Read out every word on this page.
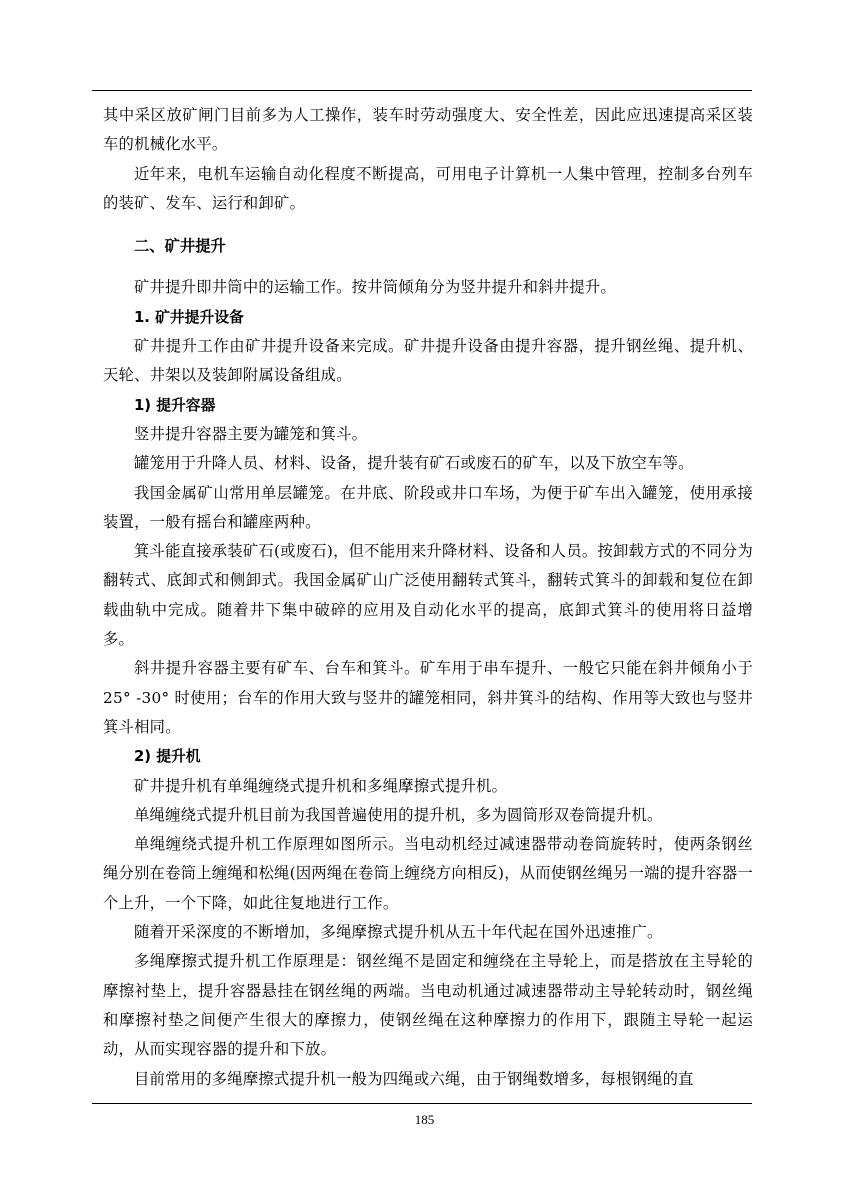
其中采区放矿闸门目前多为人工操作，装车时劳动强度大、安全性差，因此应迅速提高采区装车的机械化水平。

近年来，电机车运输自动化程度不断提高，可用电子计算机一人集中管理，控制多台列车的装矿、发车、运行和卸矿。

二、矿井提升

矿井提升即井筒中的运输工作。按井筒倾角分为竖井提升和斜井提升。

1. 矿井提升设备

矿井提升工作由矿井提升设备来完成。矿井提升设备由提升容器，提升钢丝绳、提升机、天轮、井架以及装卸附属设备组成。

1) 提升容器

竖井提升容器主要为罐笼和箕斗。

罐笼用于升降人员、材料、设备，提升装有矿石或废石的矿车，以及下放空车等。

我国金属矿山常用单层罐笼。在井底、阶段或井口车场，为便于矿车出入罐笼，使用承接装置，一般有摇台和罐座两种。

箕斗能直接承装矿石(或废石)，但不能用来升降材料、设备和人员。按卸载方式的不同分为翻转式、底卸式和侧卸式。我国金属矿山广泛使用翻转式箕斗，翻转式箕斗的卸载和复位在卸载曲轨中完成。随着井下集中破碎的应用及自动化水平的提高，底卸式箕斗的使用将日益增多。

斜井提升容器主要有矿车、台车和箕斗。矿车用于串车提升、一般它只能在斜井倾角小于 25° -30° 时使用；台车的作用大致与竖井的罐笼相同，斜井箕斗的结构、作用等大致也与竖井箕斗相同。

2) 提升机

矿井提升机有单绳缠绕式提升机和多绳摩擦式提升机。

单绳缠绕式提升机目前为我国普遍使用的提升机，多为圆筒形双卷筒提升机。

单绳缠绕式提升机工作原理如图所示。当电动机经过减速器带动卷筒旋转时，使两条钢丝绳分别在卷筒上缠绳和松绳(因两绳在卷筒上缠绕方向相反)，从而使钢丝绳另一端的提升容器一个上升，一个下降，如此往复地进行工作。

随着开采深度的不断增加，多绳摩擦式提升机从五十年代起在国外迅速推广。

多绳摩擦式提升机工作原理是：钢丝绳不是固定和缠绕在主导轮上，而是搭放在主导轮的摩擦衬垫上，提升容器悬挂在钢丝绳的两端。当电动机通过减速器带动主导轮转动时，钢丝绳和摩擦衬垫之间便产生很大的摩擦力，使钢丝绳在这种摩擦力的作用下，跟随主导轮一起运动，从而实现容器的提升和下放。

目前常用的多绳摩擦式提升机一般为四绳或六绳，由于钢绳数增多，每根钢绳的直

185
